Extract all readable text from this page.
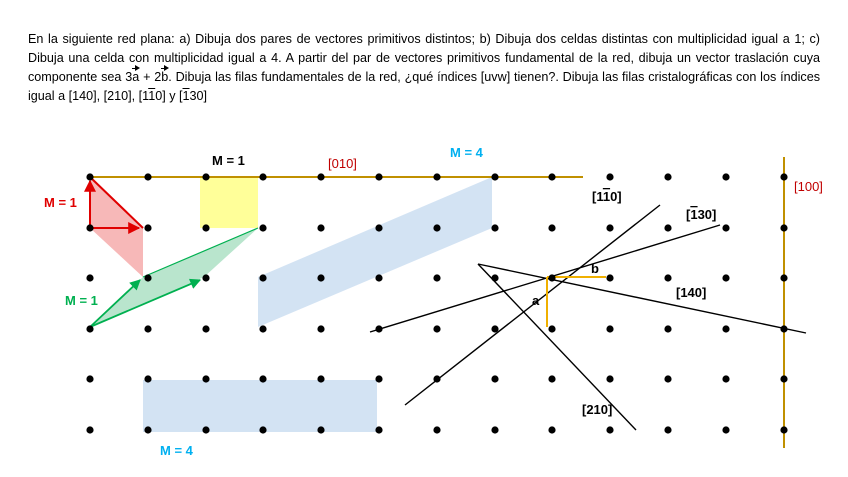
En la siguiente red plana: a) Dibuja dos pares de vectores primitivos distintos; b) Dibuja dos celdas distintas con multiplicidad igual a 1; c) Dibuja una celda con multiplicidad igual a 4. A partir del par de vectores primitivos fundamental de la red, dibuja un vector traslación cuya componente sea 3a + 2b. Dibuja las filas fundamentales de la red, ¿qué índices [uvw] tienen?. Dibuja las filas cristalográficas con los índices igual a [140], [210], [110] y [130]

M = 1
M = 1
M = 1
M = 4
M = 4
[010]
[100]
[140]
[210]
[110]
[130]
a
b
